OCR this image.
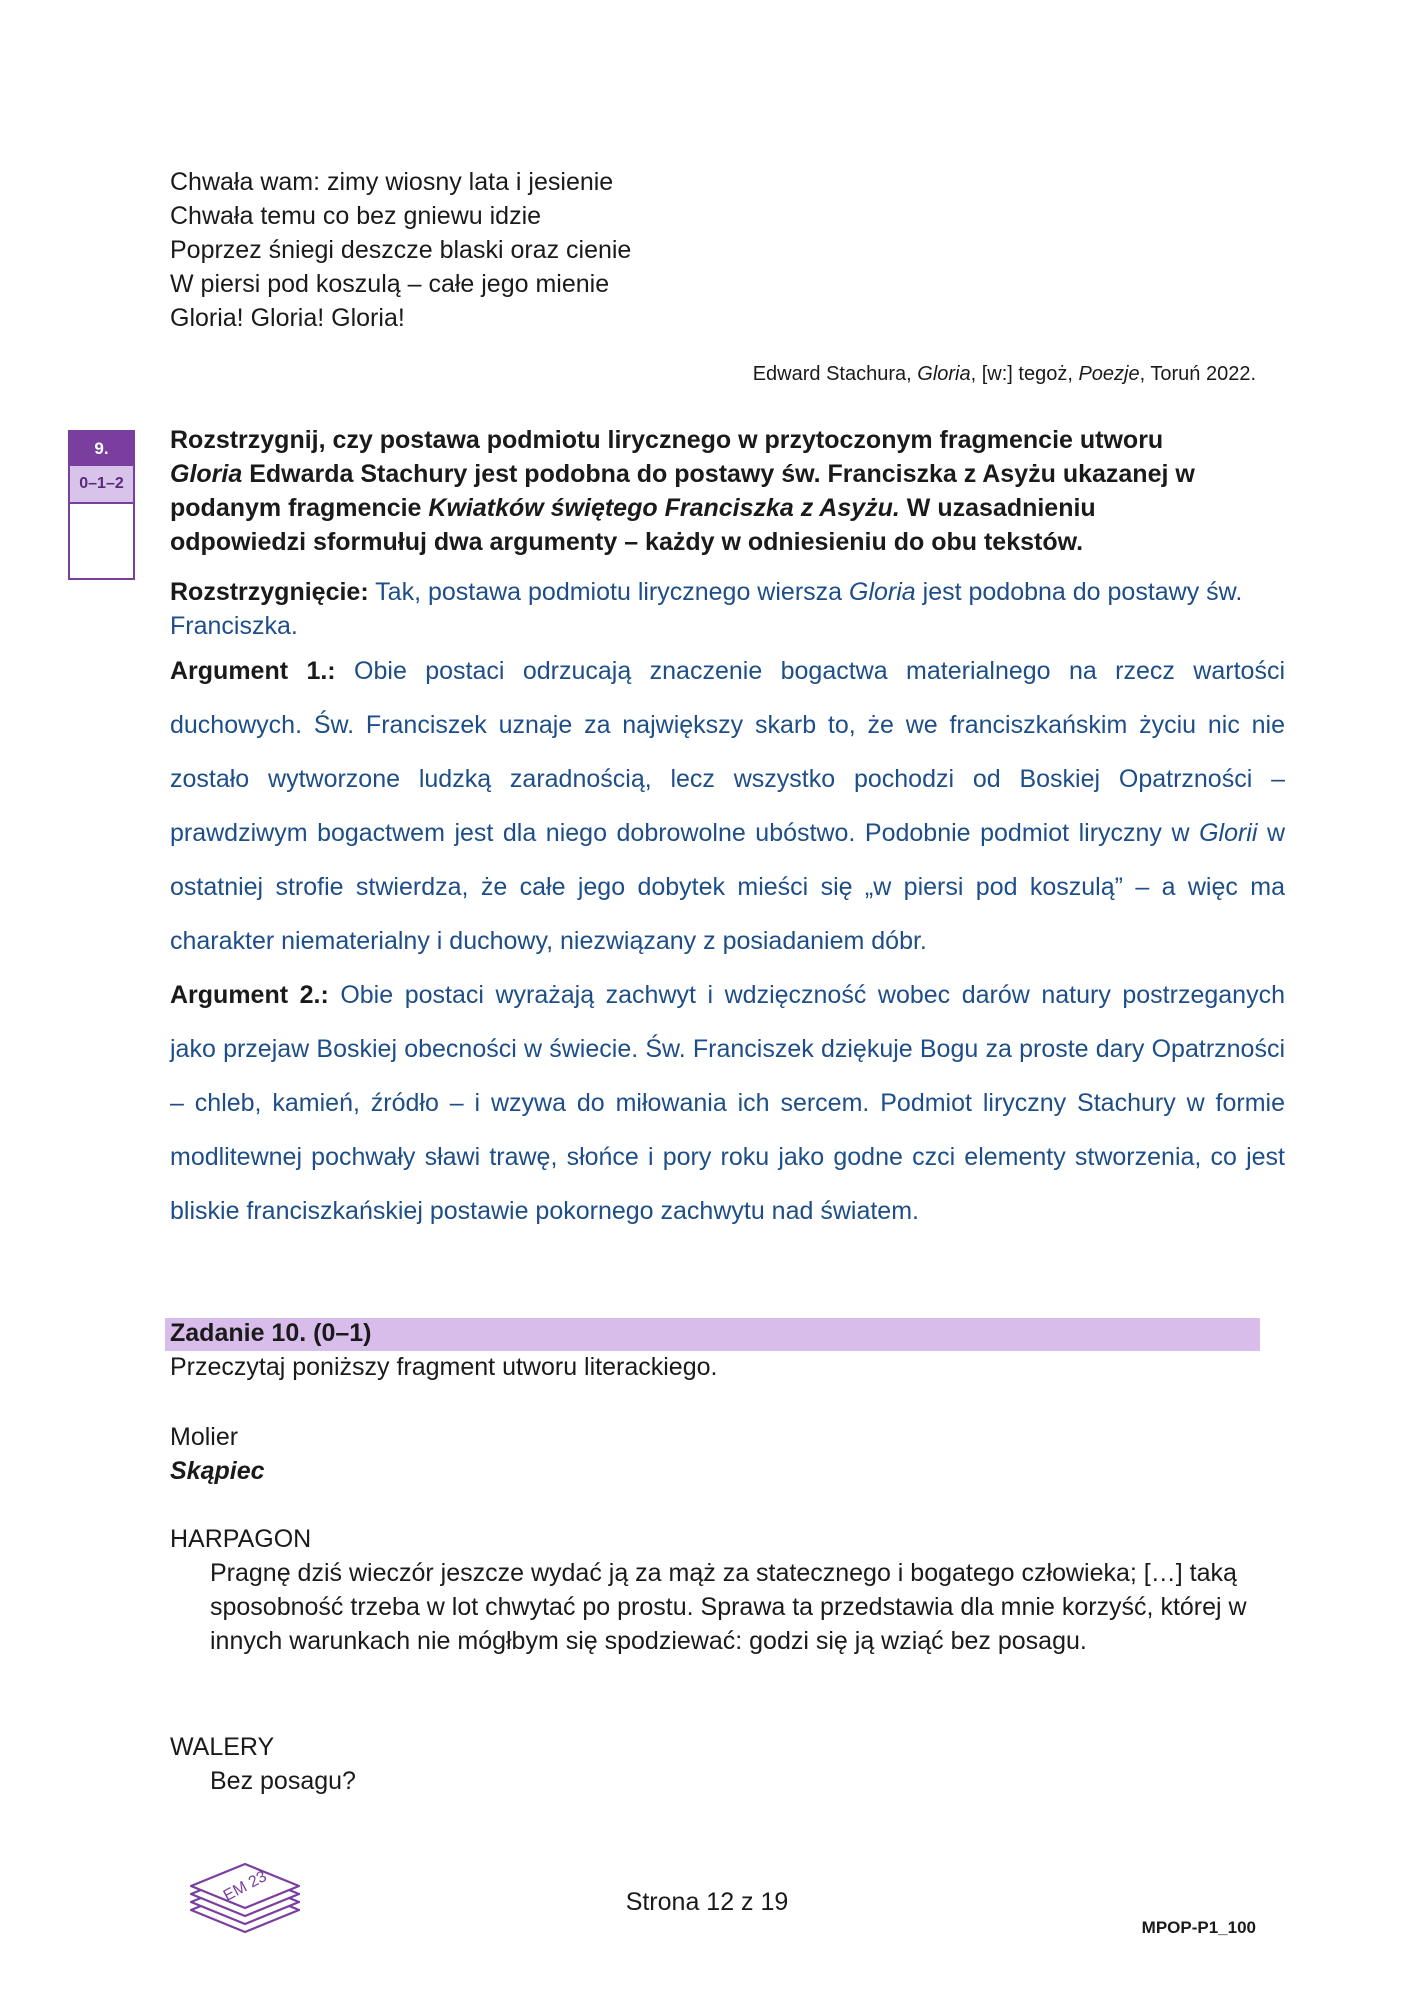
Chwała wam: zimy wiosny lata i jesienie
Chwała temu co bez gniewu idzie
Poprzez śniegi deszcze blaski oraz cienie
W piersi pod koszulą – całe jego mienie
Gloria! Gloria! Gloria!
Edward Stachura, Gloria, [w:] tegoż, Poezje, Toruń 2022.
9.
0–1–2
Rozstrzygnij, czy postawa podmiotu lirycznego w przytoczonym fragmencie utworu Gloria Edwarda Stachury jest podobna do postawy św. Franciszka z Asyżu ukazanej w podanym fragmencie Kwiatków świętego Franciszka z Asyżu. W uzasadnieniu odpowiedzi sformułuj dwa argumenty – każdy w odniesieniu do obu tekstów.
Rozstrzygnięcie: Tak, postawa podmiotu lirycznego wiersza Gloria jest podobna do postawy św. Franciszka.
Argument 1.: Obie postaci odrzucają znaczenie bogactwa materialnego na rzecz wartości duchowych. Św. Franciszek uznaje za największy skarb to, że we franciszkańskim życiu nic nie zostało wytworzone ludzką zaradnością, lecz wszystko pochodzi od Boskiej Opatrzności – prawdziwym bogactwem jest dla niego dobrowolne ubóstwo. Podobnie podmiot liryczny w Glorii w ostatniej strofie stwierdza, że całe jego dobytek mieści się „w piersi pod koszulą” – a więc ma charakter niematerialny i duchowy, niezwiązany z posiadaniem dóbr.
Argument 2.: Obie postaci wyrażają zachwyt i wdzięczność wobec darów natury postrzeganych jako przejaw Boskiej obecności w świecie. Św. Franciszek dziękuje Bogu za proste dary Opatrzności – chleb, kamień, źródło – i wzywa do miłowania ich sercem. Podmiot liryczny Stachury w formie modlitewnej pochwały sławi trawę, słońce i pory roku jako godne czci elementy stworzenia, co jest bliskie franciszkańskiej postawie pokornego zachwytu nad światem.
Zadanie 10. (0–1)
Przeczytaj poniższy fragment utworu literackiego.
Molier
Skąpiec
HARPAGON
Pragnę dziś wieczór jeszcze wydać ją za mąż za statecznego i bogatego człowieka; […] taką sposobność trzeba w lot chwytać po prostu. Sprawa ta przedstawia dla mnie korzyść, której w innych warunkach nie mógłbym się spodziewać: godzi się ją wziąć bez posagu.
WALERY
Bez posagu?
EM 23	Strona 12 z 19
MPOP-P1_100
